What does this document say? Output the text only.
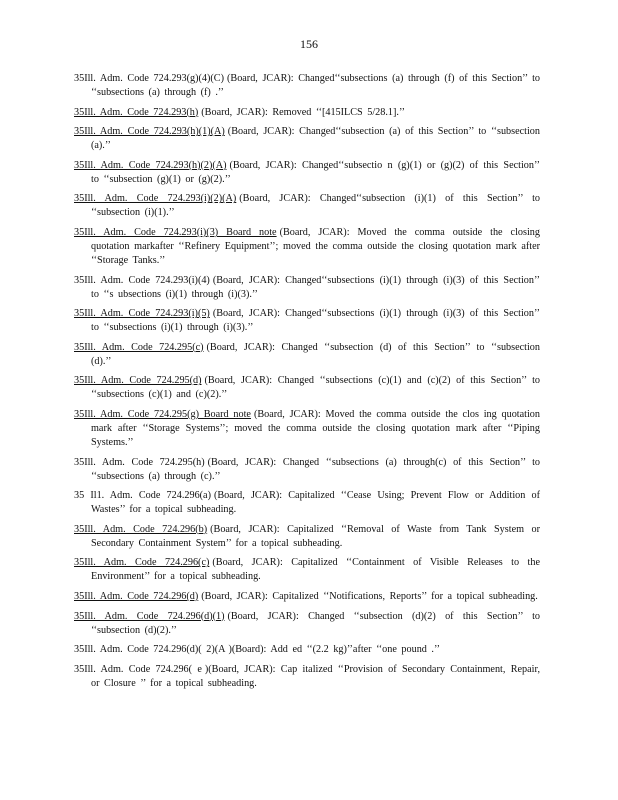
156
35Ill. Adm. Code 724.293(g)(4)(C) (Board, JCAR): Changed‘‘subsections (a) through (f) of this Section’’ to ‘‘subsections (a) through (f) .’’
35Ill. Adm. Code 724.293(h) (Board, JCAR): Removed ‘‘[415ILCS 5/28.1].’’
35Ill. Adm. Code 724.293(h)(1)(A) (Board, JCAR): Changed‘‘subsection (a) of this Section’’ to ‘‘subsection (a).’’
35Ill. Adm. Code 724.293(h)(2)(A) (Board, JCAR): Changed‘‘subsectio n (g)(1) or (g)(2) of this Section’’ to ‘‘subsection (g)(1) or (g)(2).’’
35Ill. Adm. Code 724.293(i)(2)(A) (Board, JCAR): Changed‘‘subsection (i)(1) of this Section’’ to ‘‘subsection (i)(1).’’
35Ill. Adm. Code 724.293(i)(3) Board note (Board, JCAR): Moved the comma outside the closing quotation markafter ‘‘Refinery Equipment’’; moved the comma outside the closing quotation mark after ‘‘Storage Tanks.’’
35Ill. Adm. Code 724.293(i)(4) (Board, JCAR): Changed‘‘subsections (i)(1) through (i)(3) of this Section’’ to ‘‘s ubsections (i)(1) through (i)(3).’’
35Ill. Adm. Code 724.293(i)(5) (Board, JCAR): Changed‘‘subsections (i)(1) through (i)(3) of this Section’’ to ‘‘subsections (i)(1) through (i)(3).’’
35Ill. Adm. Code 724.295(c) (Board, JCAR): Changed ‘‘subsection (d) of this Section’’ to ‘‘subsection (d).’’
35Ill. Adm. Code 724.295(d) (Board, JCAR): Changed ‘‘subsections (c)(1) and (c)(2) of this Section’’ to ‘‘subsections (c)(1) and (c)(2).’’
35Ill. Adm. Code 724.295(g) Board note (Board, JCAR): Moved the comma outside the clos ing quotation mark after ‘‘Storage Systems’’; moved the comma outside the closing quotation mark after ‘‘Piping Systems.’’
35Ill. Adm. Code 724.295(h) (Board, JCAR): Changed ‘‘subsections (a) through(c) of this Section’’ to ‘‘subsections (a) through (c).’’
35 Il1. Adm. Code 724.296(a) (Board, JCAR): Capitalized ‘‘Cease Using; Prevent Flow or Addition of Wastes’’ for a topical subheading.
35Ill. Adm. Code 724.296(b) (Board, JCAR): Capitalized ‘‘Removal of Waste from Tank System or Secondary Containment System’’ for a topical subheading.
35Ill. Adm. Code 724.296(c) (Board, JCAR): Capitalized ‘‘Containment of Visible Releases to the Environment’’ for a topical subheading.
35Ill. Adm. Code 724.296(d) (Board, JCAR): Capitalized ‘‘Notifications, Reports’’ for a topical subheading.
35Ill. Adm. Code 724.296(d)(1) (Board, JCAR): Changed ‘‘subsection (d)(2) of this Section’’ to ‘‘subsection (d)(2).’’
35Ill. Adm. Code 724.296(d)( 2)(A )(Board): Add ed ‘‘(2.2 kg)’’after ‘‘one pound .’’
35Ill. Adm. Code 724.296( e )(Board, JCAR): Cap italized ‘‘Provision of Secondary Containment, Repair, or Closure ’’ for a topical subheading.
